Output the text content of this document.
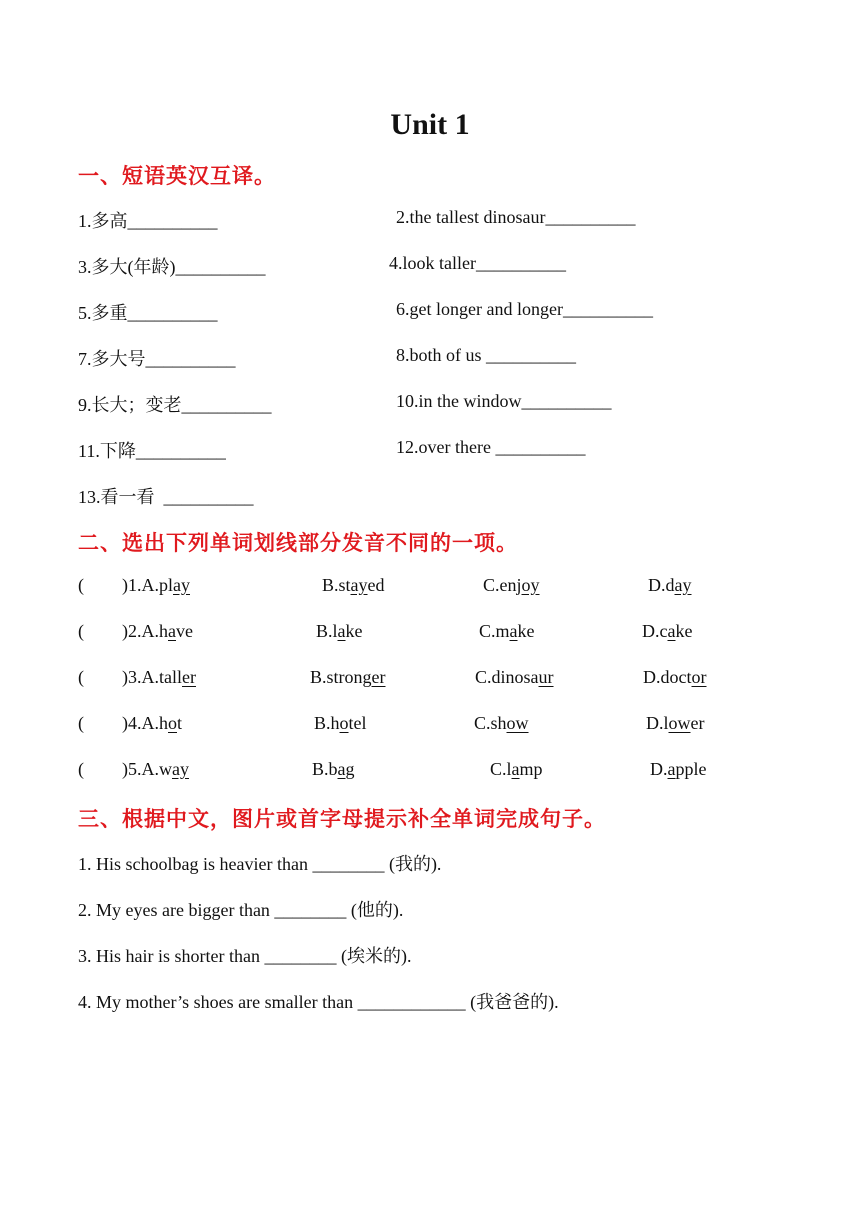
Unit 1
一、短语英汉互译。
1.多高__________	2.the tallest dinosaur__________
3.多大(年龄)__________	4.look taller__________
5.多重__________	6.get longer and longer__________
7.多大号__________	8.both of us __________
9.长大；变老__________	10.in the window__________
11.下降__________	12.over there __________
13.看一看  __________
二、选出下列单词划线部分发音不同的一项。
( )1.A.play	B.stayed	C.enjoy	D.day
( )2.A.have	B.lake	C.make	D.cake
( )3.A.taller	B.stronger	C.dinosaur	D.doctor
( )4.A.hot	B.hotel	C.show	D.lower
( )5.A.way	B.bag	C.lamp	D.apple
三、根据中文，图片或首字母提示补全单词完成句子。
1. His schoolbag is heavier than ________ (我的).
2. My eyes are bigger than ________ (他的).
3. His hair is shorter than ________ (埃米的).
4. My mother’s shoes are smaller than ____________ (我爸爸的).
